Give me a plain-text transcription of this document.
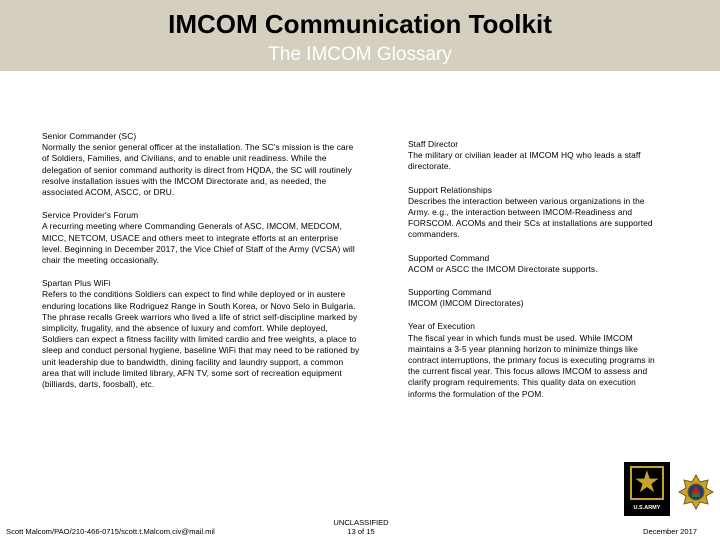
IMCOM Communication Toolkit
The IMCOM Glossary
Senior Commander (SC)
Normally the senior general officer at the installation. The SC's mission is the care of Soldiers, Families, and Civilians, and to enable unit readiness. While the delegation of senior command authority is direct from HQDA, the SC will routinely resolve installation issues with the IMCOM Directorate and, as needed, the associated ACOM, ASCC, or DRU.
Service Provider's Forum
A recurring meeting where Commanding Generals of ASC, IMCOM, MEDCOM, MICC, NETCOM, USACE and others meet to integrate efforts at an enterprise level. Beginning in December 2017, the Vice Chief of Staff of the Army (VCSA) will chair the meeting occasionally.
Spartan Plus WiFi
Refers to the conditions Soldiers can expect to find while deployed or in austere enduring locations like Rodriguez Range in South Korea, or Novo Selo in Bulgaria. The phrase recalls Greek warriors who lived a life of strict self-discipline marked by simplicity, frugality, and the absence of luxury and comfort. While deployed, Soldiers can expect a fitness facility with limited cardio and free weights, a place to sleep and conduct personal hygiene, baseline WiFi that may need to be rationed by unit leadership due to bandwidth, dining facility and laundry support, a common area that will include limited library, AFN TV, some sort of recreation equipment (billiards, darts, foosball), etc.
Staff Director
The military or civilian leader at IMCOM HQ who leads a staff directorate.
Support Relationships
Describes the interaction between various organizations in the Army. e.g., the interaction between IMCOM-Readiness and FORSCOM. ACOMs and their SCs at installations are supported commanders.
Supported Command
ACOM or ASCC the IMCOM Directorate supports.
Supporting Command
IMCOM (IMCOM Directorates)
Year of Execution
The fiscal year in which funds must be used. While IMCOM maintains a 3-5 year planning horizon to minimize things like contract interruptions, the primary focus is executing programs in the current fiscal year. This focus allows IMCOM to assess and clarify program requirements. This quality data on execution informs the formulation of the POM.
★
U.S.ARMY
Scott Malcom/PAO/210-466-0715/scott.t.Malcom.civ@mail.mil
UNCLASSIFIED
13 of 15	December 2017
